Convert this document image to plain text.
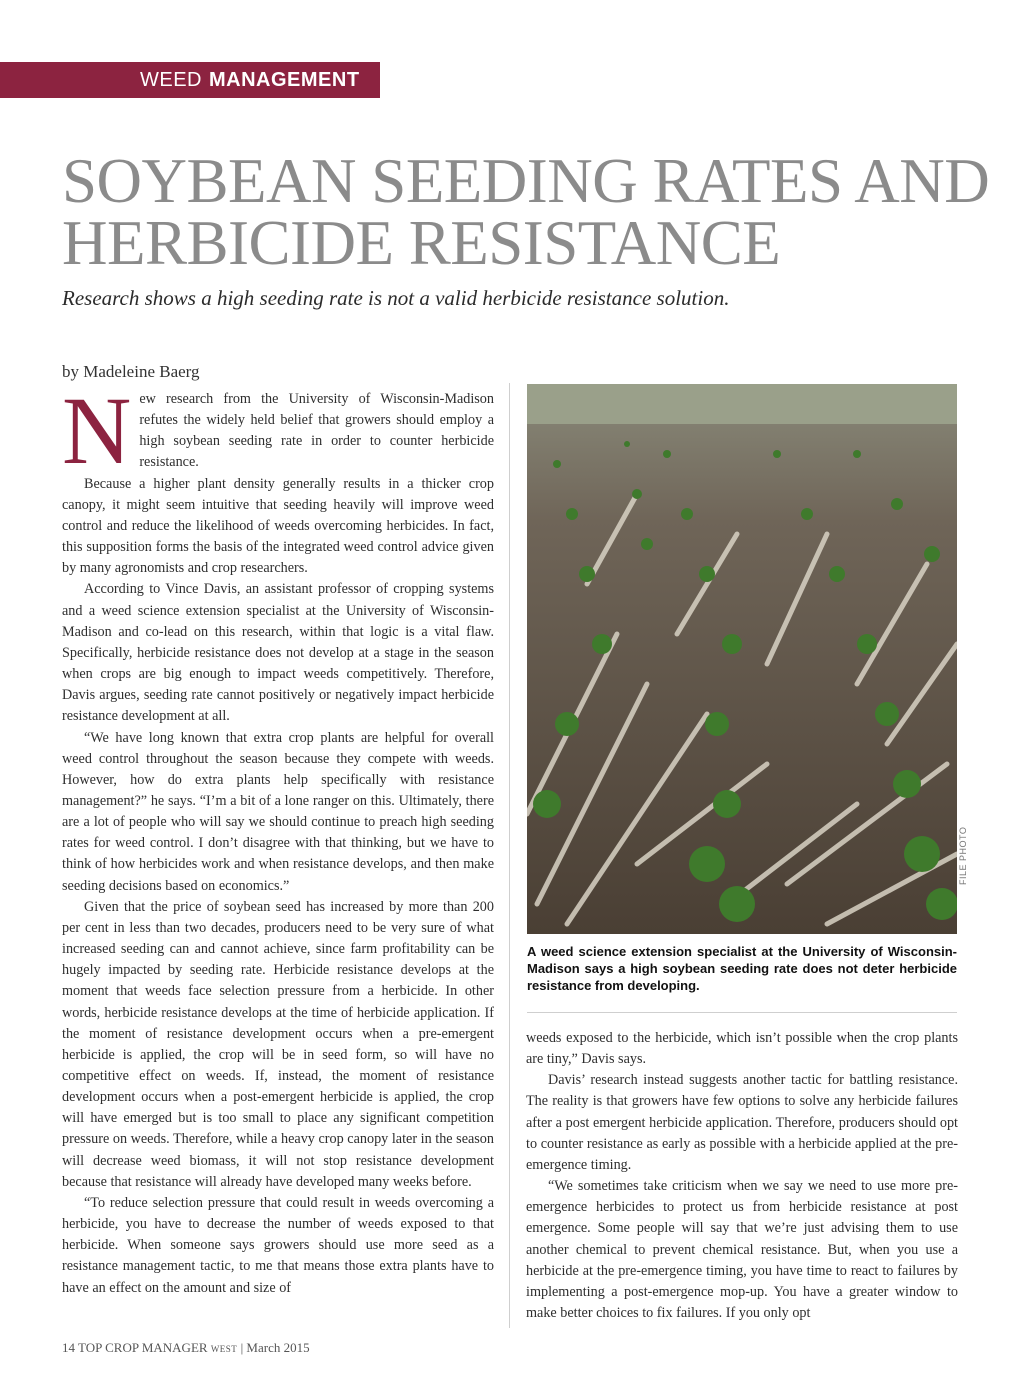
WEED MANAGEMENT
SOYBEAN SEEDING RATES AND
HERBICIDE RESISTANCE

Research shows a high seeding rate is not a valid herbicide resistance solution.

by Madeleine Baerg

New research from the University of Wisconsin-Madison refutes the widely held belief that growers should employ a high soybean seeding rate in order to counter herbicide resistance.

Because a higher plant density generally results in a thicker crop canopy, it might seem intuitive that seeding heavily will improve weed control and reduce the likelihood of weeds overcoming herbicides. In fact, this supposition forms the basis of the integrated weed control advice given by many agronomists and crop researchers.

According to Vince Davis, an assistant professor of cropping systems and a weed science extension specialist at the University of Wisconsin-Madison and co-lead on this research, within that logic is a vital flaw. Specifically, herbicide resistance does not develop at a stage in the season when crops are big enough to impact weeds competitively. Therefore, Davis argues, seeding rate cannot positively or negatively impact herbicide resistance development at all.

“We have long known that extra crop plants are helpful for overall weed control throughout the season because they compete with weeds. However, how do extra plants help specifically with resistance management?” he says. “I’m a bit of a lone ranger on this. Ultimately, there are a lot of people who will say we should continue to preach high seeding rates for weed control. I don’t disagree with that thinking, but we have to think of how herbicides work and when resistance develops, and then make seeding decisions based on economics.”

Given that the price of soybean seed has increased by more than 200 per cent in less than two decades, producers need to be very sure of what increased seeding can and cannot achieve, since farm profitability can be hugely impacted by seeding rate. Herbicide resistance develops at the moment that weeds face selection pressure from a herbicide. In other words, herbicide resistance develops at the time of herbicide application. If the moment of resistance development occurs when a pre-emergent herbicide is applied, the crop will be in seed form, so will have no competitive effect on weeds. If, instead, the moment of resistance development occurs when a post-emergent herbicide is applied, the crop will have emerged but is too small to place any significant competition pressure on weeds. Therefore, while a heavy crop canopy later in the season will decrease weed biomass, it will not stop resistance development because that resistance will already have developed many weeks before.

“To reduce selection pressure that could result in weeds overcoming a herbicide, you have to decrease the number of weeds exposed to that herbicide. When someone says growers should use more seed as a resistance management tactic, to me that means those extra plants have to have an effect on the amount and size of

FILE PHOTO
A weed science extension specialist at the University of Wisconsin-Madison says a high soybean seeding rate does not deter herbicide resistance from developing.

weeds exposed to the herbicide, which isn’t possible when the crop plants are tiny,” Davis says.

Davis’ research instead suggests another tactic for battling resistance. The reality is that growers have few options to solve any herbicide failures after a post emergent herbicide application. Therefore, producers should opt to counter resistance as early as possible with a herbicide applied at the pre-emergence timing.

“We sometimes take criticism when we say we need to use more pre-emergence herbicides to protect us from herbicide resistance at post emergence. Some people will say that we’re just advising them to use another chemical to prevent chemical resistance. But, when you use a herbicide at the pre-emergence timing, you have time to react to failures by implementing a post-emergence mop-up. You have a greater window to make better choices to fix failures. If you only opt

14 TOP CROP MANAGER WEST | March 2015
